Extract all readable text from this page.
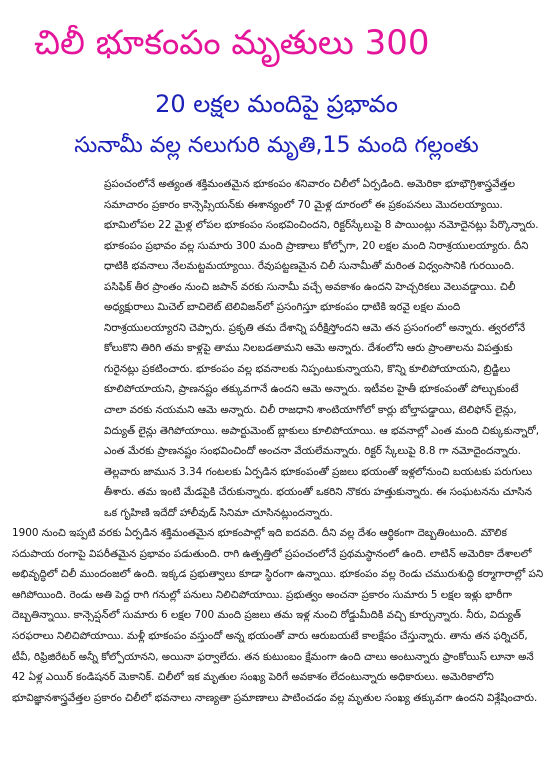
చిలీ భూకంపం మృతులు 300
20 లక్షల మందిపై ప్రభావం
సునామీ వల్ల నలుగురి మృతి,15 మంది గల్లంతు

ప్రపంచంలోనే అత్యంత శక్తిమంతమైన భూకంపం శనివారం చిలీలో ఏర్పడింది. అమెరికా భూభౌగ్రిశాస్త్రవేత్తల సమాచారం ప్రకారం కాన్సెప్సియన్‌కు ఈశాన్యంలో 70 మైళ్ల దూరంలో ఈ ప్రకంపనలు మొదలయ్యాయి. భూమిలోపల 22 మైళ్ల లోపల భూకంపం సంభవించిందని, రిక్టర్‌స్కేలుపై 8 పాయింట్లు నమోదైనట్లు పేర్కొన్నారు. భూకంపం ప్రభావం వల్ల సుమారు 300 మంది ప్రాణాలు కోల్పోగా, 20 లక్షల మంది నిరాశ్రయులయ్యారు. దీని ధాటికి భవనాలు నేలమట్టమయ్యాయి. రేవుపట్టణమైన చిలీ సునామీతో మరింత విధ్వంసానికి గురయింది. పసిఫిక్ తీర ప్రాంతం నుంచి జపాన్ వరకు సునామీ వచ్చే అవకాశం ఉందని హెచ్చరికలు వెలువడ్డాయి. చిలీ అధ్యక్షురాలు మిచెల్ బాచిలెట్ టెలివిజన్‌లో ప్రసంగిస్తూ భూకంపం ధాటికి ఇరవై లక్షల మంది నిరాశ్రయులయ్యారని చెప్పారు. ప్రకృతి తమ దేశాన్ని పరీక్షిస్తోందని ఆమె తన ప్రసంగంలో అన్నారు. త్వరలోనే కోలుకొని తిరిగి తమ కాళ్లపై తాము నిలబడతామని ఆమె అన్నారు. దేశంలోని ఆరు ప్రాంతాలను విపత్తుకు గురైనట్లు ప్రకటించారు. భూకంపం వల్ల భవనాలకు నిప్పంటుకున్నాయని, కొన్ని కూలిపోయాయని, బ్రిడ్జిలు కూలిపోయాయని, ప్రాణనష్టం తక్కువగానే ఉందని ఆమె అన్నారు. ఇటీవల హైతీ భూకంపంతో పోల్చుకుంటే చాలా వరకు నయమని ఆమె అన్నారు. చిలీ రాజధాని శాంటియాగోలో కార్లు బోల్తాపడ్డాయి, టెలిఫోన్ లైన్లు, విద్యుత్ లైన్లు తెగిపోయాయి. అపార్టుమెంట్ బ్లాకులు కూలిపోయాయి. ఆ భవనాల్లో ఎంత మంది చిక్కుకున్నారో, ఎంత మేరకు ప్రాణనష్టం సంభవించిందో అంచనా వేయలేమన్నారు. రిక్టర్ స్కేలుపై 8.8 గా నమోదైందన్నారు. తెల్లవారు జామున 3.34 గంటలకు ఏర్పడిన భూకంపంతో ప్రజలు భయంతో ఇళ్లలోనుంచి బయటకు పరుగులు తీశారు. తమ ఇంటి మేడపైకి చేరుకున్నారు. భయంతో ఒకరిని నొకరు హత్తుకున్నారు. ఈ సంఘటనను చూసిన ఒక గృహిణి ఇదేదో హాలీవుడ్ సినిమా చూసినట్లుందన్నారు.

1900 నుంచి ఇప్పటి వరకు ఏర్పడిన శక్తిమంతమైన భూకంపాల్లో ఇది ఐదవది. దీని వల్ల దేశం ఆర్థికంగా దెబ్బతింటుంది. మౌలిక సదుపాయ రంగాపై విపరీతమైన ప్రభావం పడుతుంది. రాగి ఉత్పత్తిలో ప్రపంచంలోనే ప్రథమస్థానంలో ఉంది. లాటిన్ అమెరికా దేశాలలో అభివృద్ధిలో చిలీ ముందంజలో ఉంది. ఇక్కడ ప్రభుత్వాలు కూడా స్థిరంగా ఉన్నాయి. భూకంపం వల్ల రెండు చమురుశుద్ధి కర్మాగారాల్లో పని ఆగిపోయింది. రెండు అతి పెద్ద రాగి గనుల్లో పనులు నిలిచిపోయాయి. ప్రభుత్వం అంచనా ప్రకారం సుమారు 5 లక్షల ఇళ్లు భారీగా దెబ్బతిన్నాయి. కాన్సెప్షన్‌లో సుమారు 6 లక్షల 700 మంది ప్రజలు తమ ఇళ్ల నుంచి రోడ్డుమీదికి వచ్చి కూర్చున్నారు. నీరు, విద్యుత్ సరఫరాలు నిలిచిపోయాయి. మళ్లీ భూకంపం వస్తుందో అన్న భయంతో వారు ఆరుబయటే కాలక్షేపం చేస్తున్నారు. తాను తన ఫర్నిచర్, టీవీ, రిఫ్రిజిరేటర్ అన్నీ కోల్పోయానని, అయినా ఫర్వాలేదు. తన కుటుంబం క్షేమంగా ఉంది చాలు అంటున్నారు ఫ్రాంకోయిస్ లూనా అనే 42 ఏళ్ల ఎయిర్ కండిషనర్ మెకానిక్. చిలీలో ఇక మృతుల సంఖ్య పెరిగే అవకాశం లేదంటున్నారు అధికారులు. అమెరికాలోని భూవిజ్ఞానశాస్త్రవేత్తల ప్రకారం చిలీలో భవనాలు నాణ్యతా ప్రమాణాలు పాటించడం వల్ల మృతుల సంఖ్య తక్కువగా ఉందని విశ్లేషించారు.
